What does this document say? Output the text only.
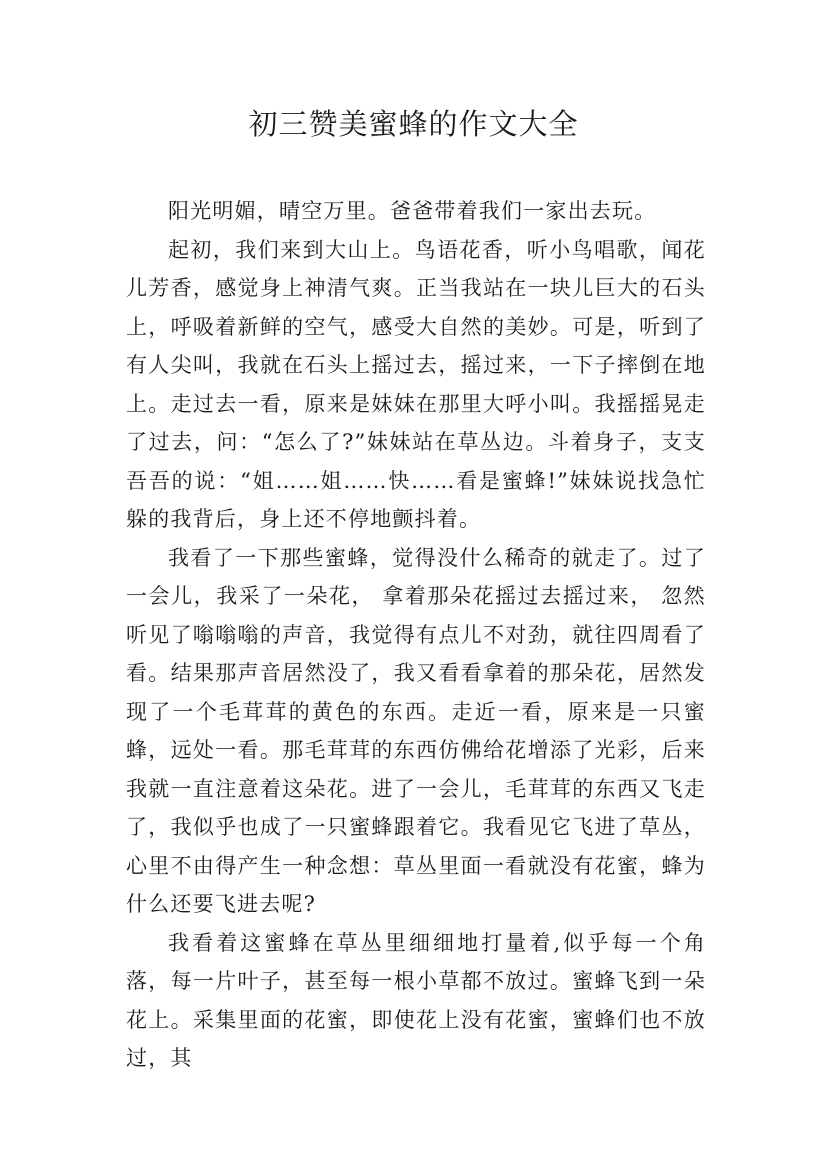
初三赞美蜜蜂的作文大全

阳光明媚，晴空万里。爸爸带着我们一家出去玩。

起初，我们来到大山上。鸟语花香，听小鸟唱歌，闻花儿芳香，感觉身上神清气爽。正当我站在一块儿巨大的石头上，呼吸着新鲜的空气，感受大自然的美妙。可是，听到了有人尖叫，我就在石头上摇过去，摇过来，一下子摔倒在地上。走过去一看，原来是妹妹在那里大呼小叫。我摇摇晃走了过去，问：“怎么了?”妹妹站在草丛边。斗着身子，支支吾吾的说：“姐……姐……快……看是蜜蜂!”妹妹说找急忙躲的我背后，身上还不停地颤抖着。

我看了一下那些蜜蜂，觉得没什么稀奇的就走了。过了一会儿，我采了一朵花， 拿着那朵花摇过去摇过来， 忽然听见了嗡嗡嗡的声音，我觉得有点儿不对劲，就往四周看了看。结果那声音居然没了，我又看看拿着的那朵花，居然发现了一个毛茸茸的黄色的东西。走近一看，原来是一只蜜蜂，远处一看。那毛茸茸的东西仿佛给花增添了光彩，后来我就一直注意着这朵花。进了一会儿，毛茸茸的东西又飞走了，我似乎也成了一只蜜蜂跟着它。我看见它飞进了草丛，心里不由得产生一种念想：草丛里面一看就没有花蜜，蜂为什么还要飞进去呢?

我看着这蜜蜂在草丛里细细地打量着,似乎每一个角落，每一片叶子，甚至每一根小草都不放过。蜜蜂飞到一朵花上。采集里面的花蜜，即使花上没有花蜜，蜜蜂们也不放过，其
